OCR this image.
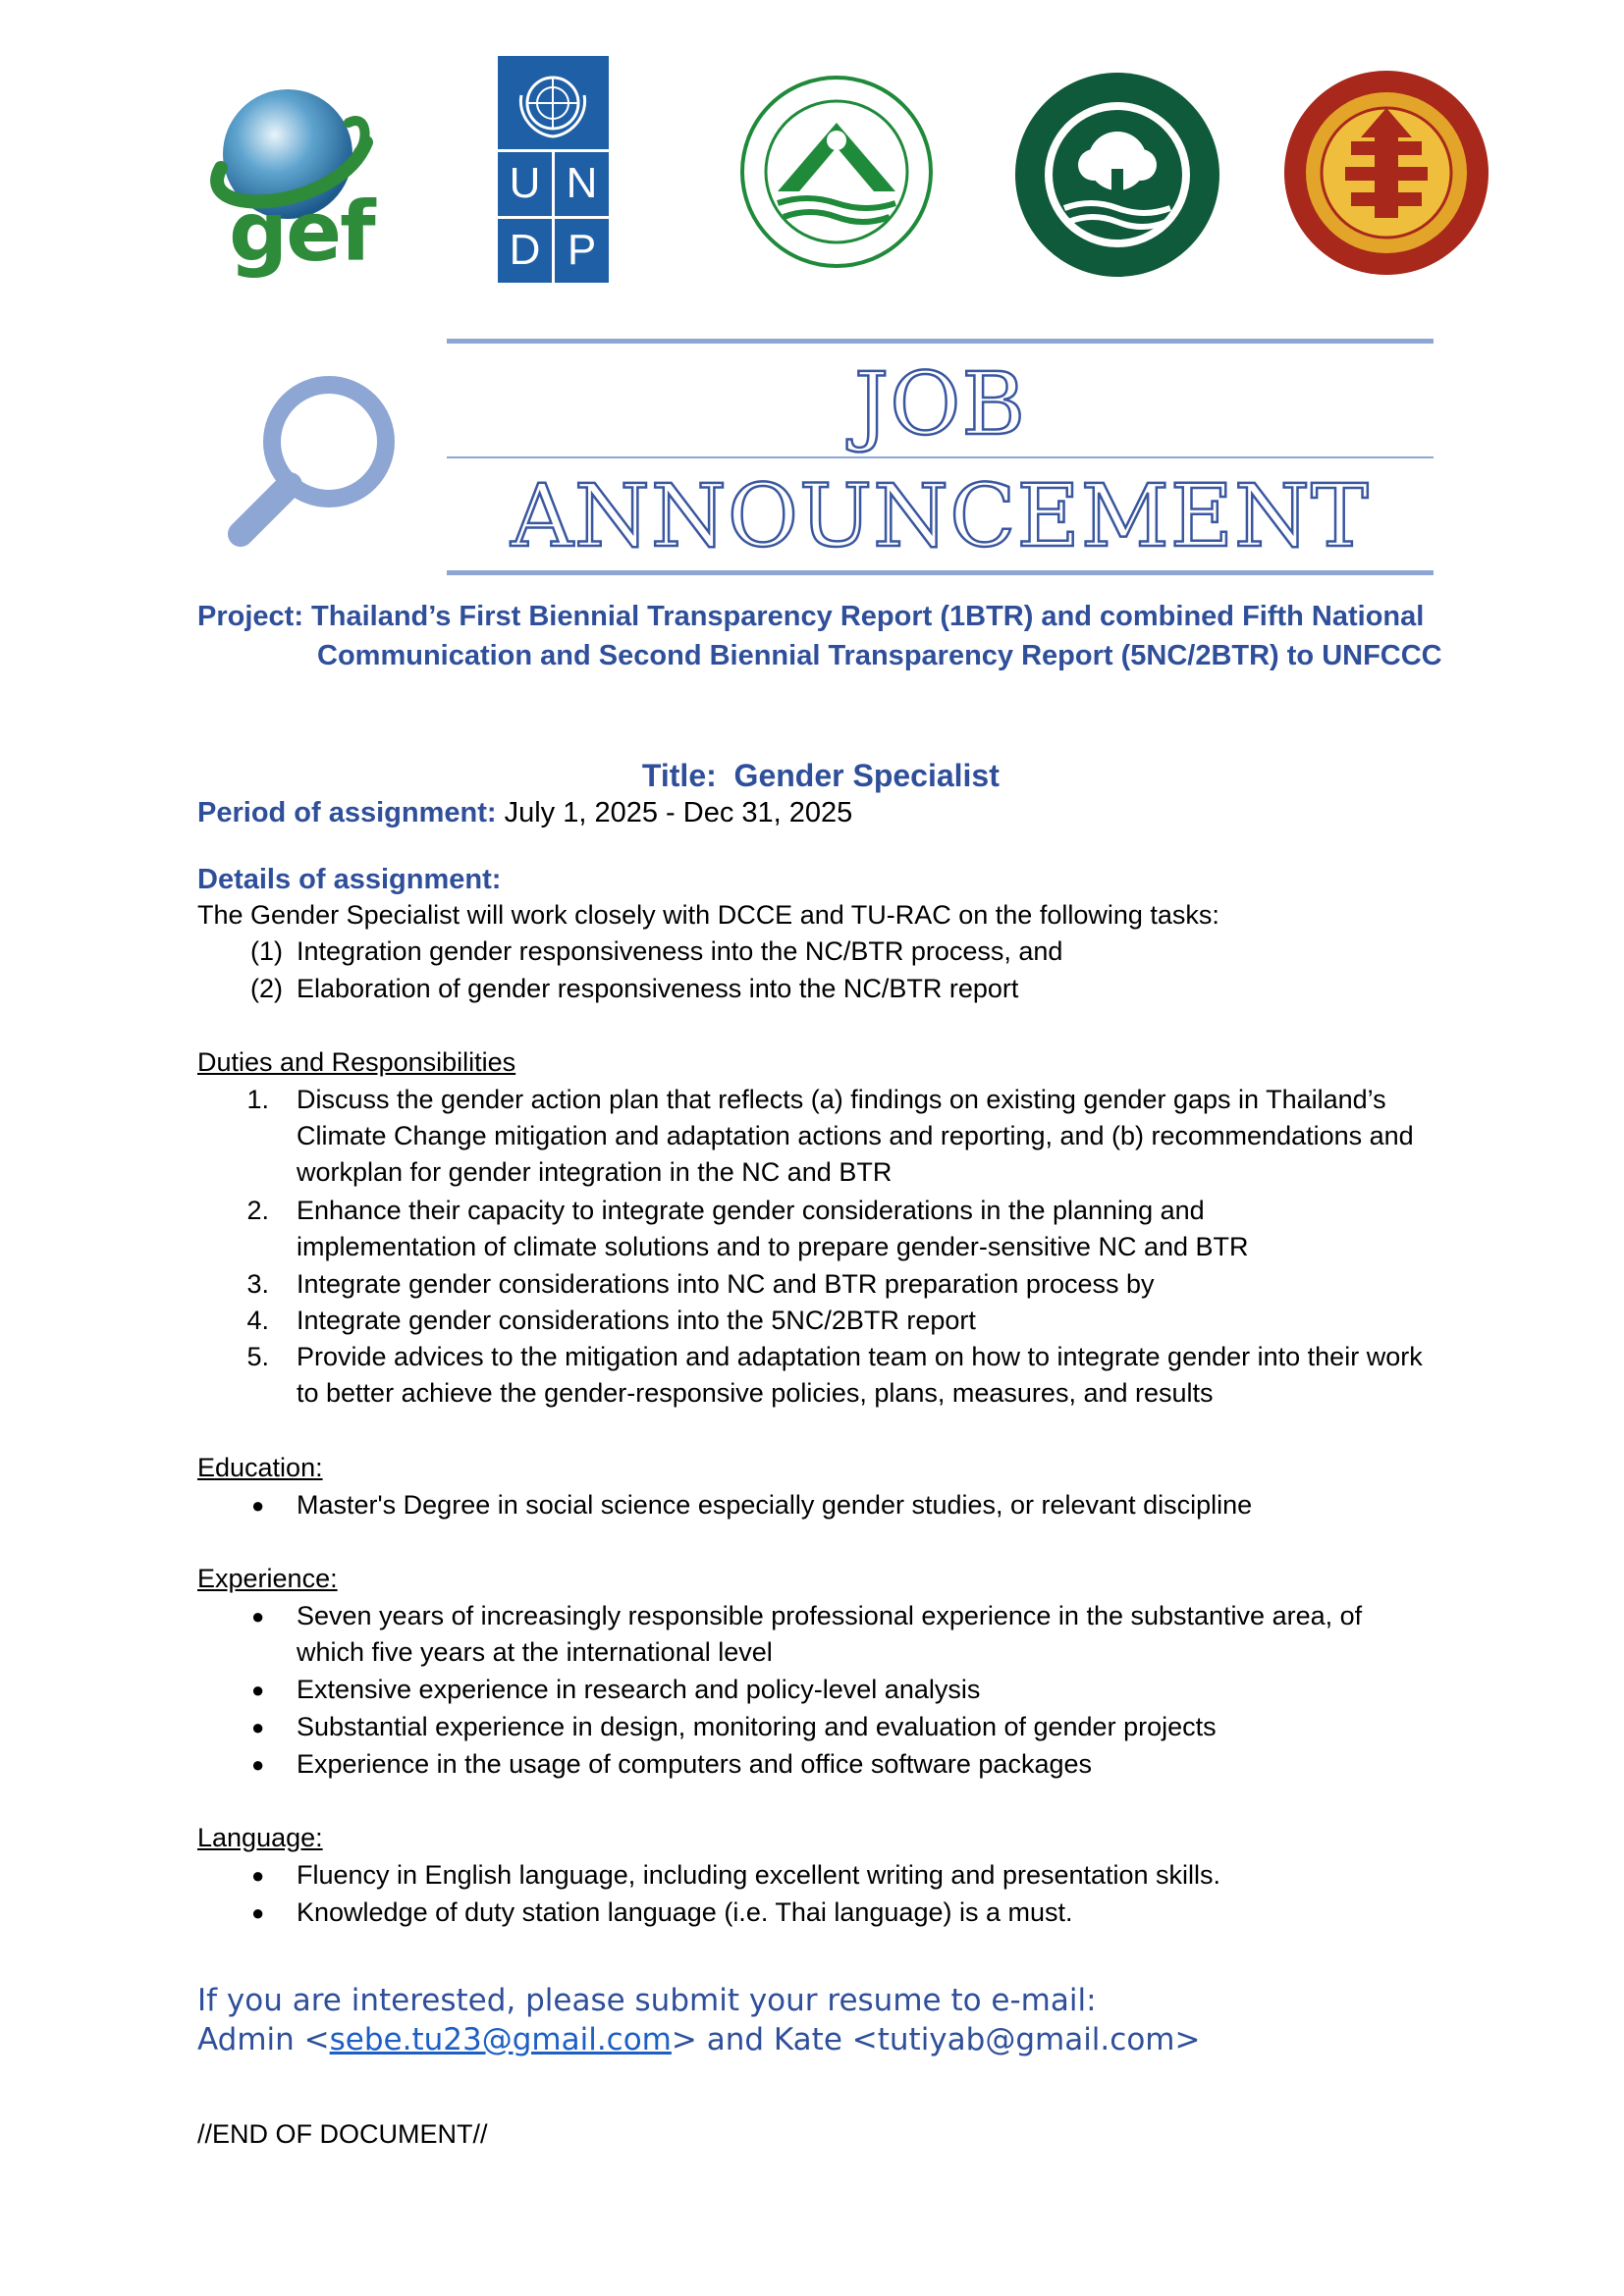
gef
U N
D P
JOB
ANNOUNCEMENT
Project: Thailand’s First Biennial Transparency Report (1BTR) and combined Fifth National
Communication and Second Biennial Transparency Report (5NC/2BTR) to UNFCCC

Title: Gender Specialist

Period of assignment: July 1, 2025 - Dec 31, 2025
Details of assignment:
The Gender Specialist will work closely with DCCE and TU-RAC on the following tasks:
(1) Integration gender responsiveness into the NC/BTR process, and
(2) Elaboration of gender responsiveness into the NC/BTR report
Duties and Responsibilities
1. Discuss the gender action plan that reflects (a) findings on existing gender gaps in Thailand’s Climate Change mitigation and adaptation actions and reporting, and (b) recommendations and workplan for gender integration in the NC and BTR
2. Enhance their capacity to integrate gender considerations in the planning and implementation of climate solutions and to prepare gender-sensitive NC and BTR
3. Integrate gender considerations into NC and BTR preparation process by
4. Integrate gender considerations into the 5NC/2BTR report
5. Provide advices to the mitigation and adaptation team on how to integrate gender into their work to better achieve the gender-responsive policies, plans, measures, and results
Education:
● Master's Degree in social science especially gender studies, or relevant discipline
Experience:
● Seven years of increasingly responsible professional experience in the substantive area, of which five years at the international level
● Extensive experience in research and policy-level analysis
● Substantial experience in design, monitoring and evaluation of gender projects
● Experience in the usage of computers and office software packages
Language:
● Fluency in English language, including excellent writing and presentation skills.
● Knowledge of duty station language (i.e. Thai language) is a must.
If you are interested, please submit your resume to e-mail:
Admin <sebe.tu23@gmail.com> and Kate <tutiyab@gmail.com>
//END OF DOCUMENT//
